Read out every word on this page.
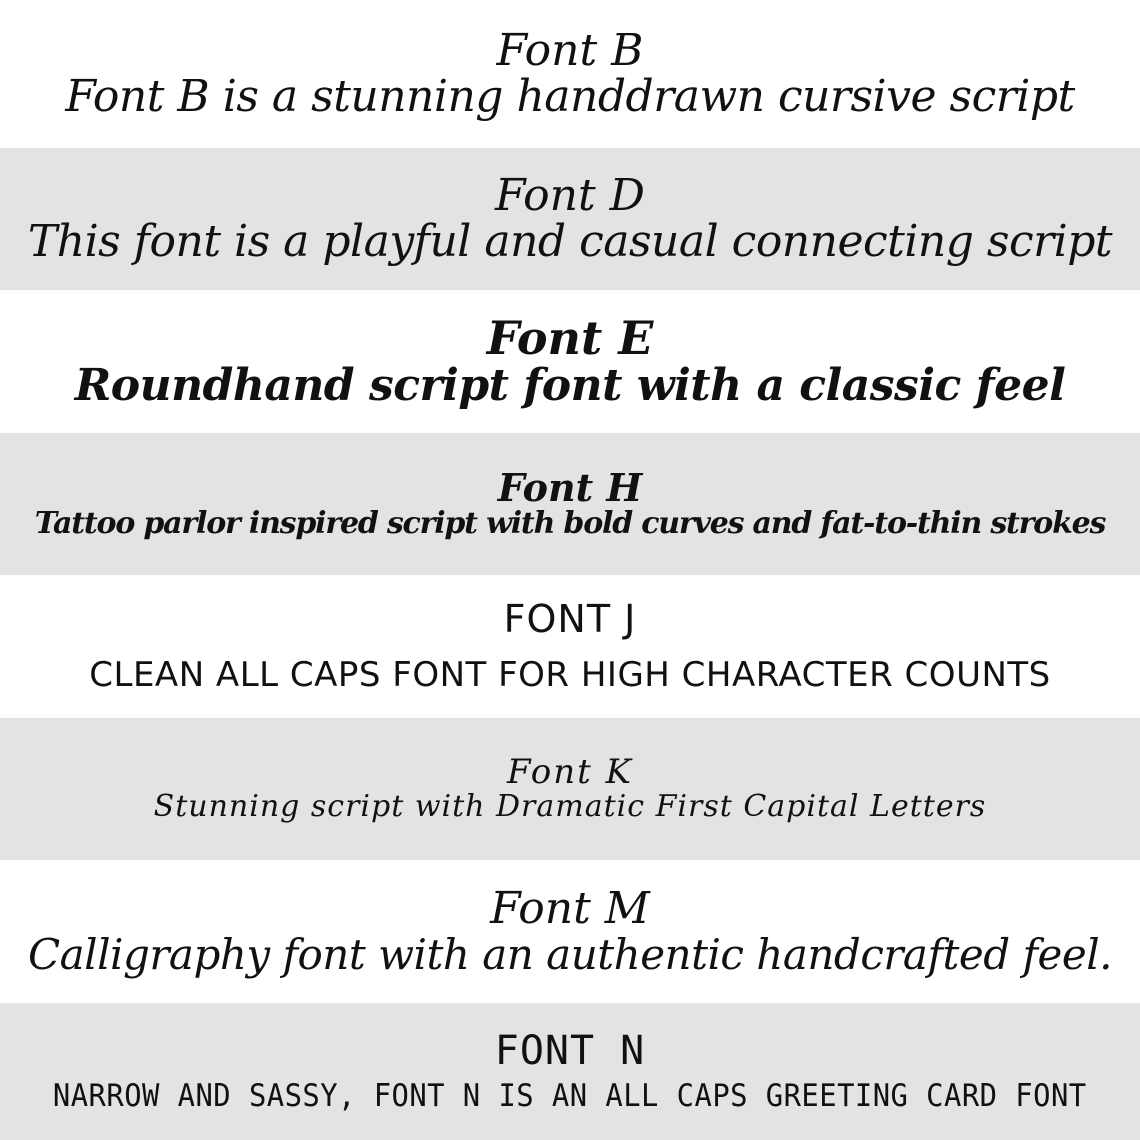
Font B
Font B is a stunning handdrawn cursive script
Font D
This font is a playful and casual connecting script
Font E
Roundhand script font with a classic feel
Font H
Tattoo parlor inspired script with bold curves and fat-to-thin strokes
FONT J
CLEAN ALL CAPS FONT FOR HIGH CHARACTER COUNTS
Font K
Stunning script with Dramatic First Capital Letters
Font M
Calligraphy font with an authentic handcrafted feel.
FONT N
NARROW AND SASSY, FONT N IS AN ALL CAPS GREETING CARD FONT
